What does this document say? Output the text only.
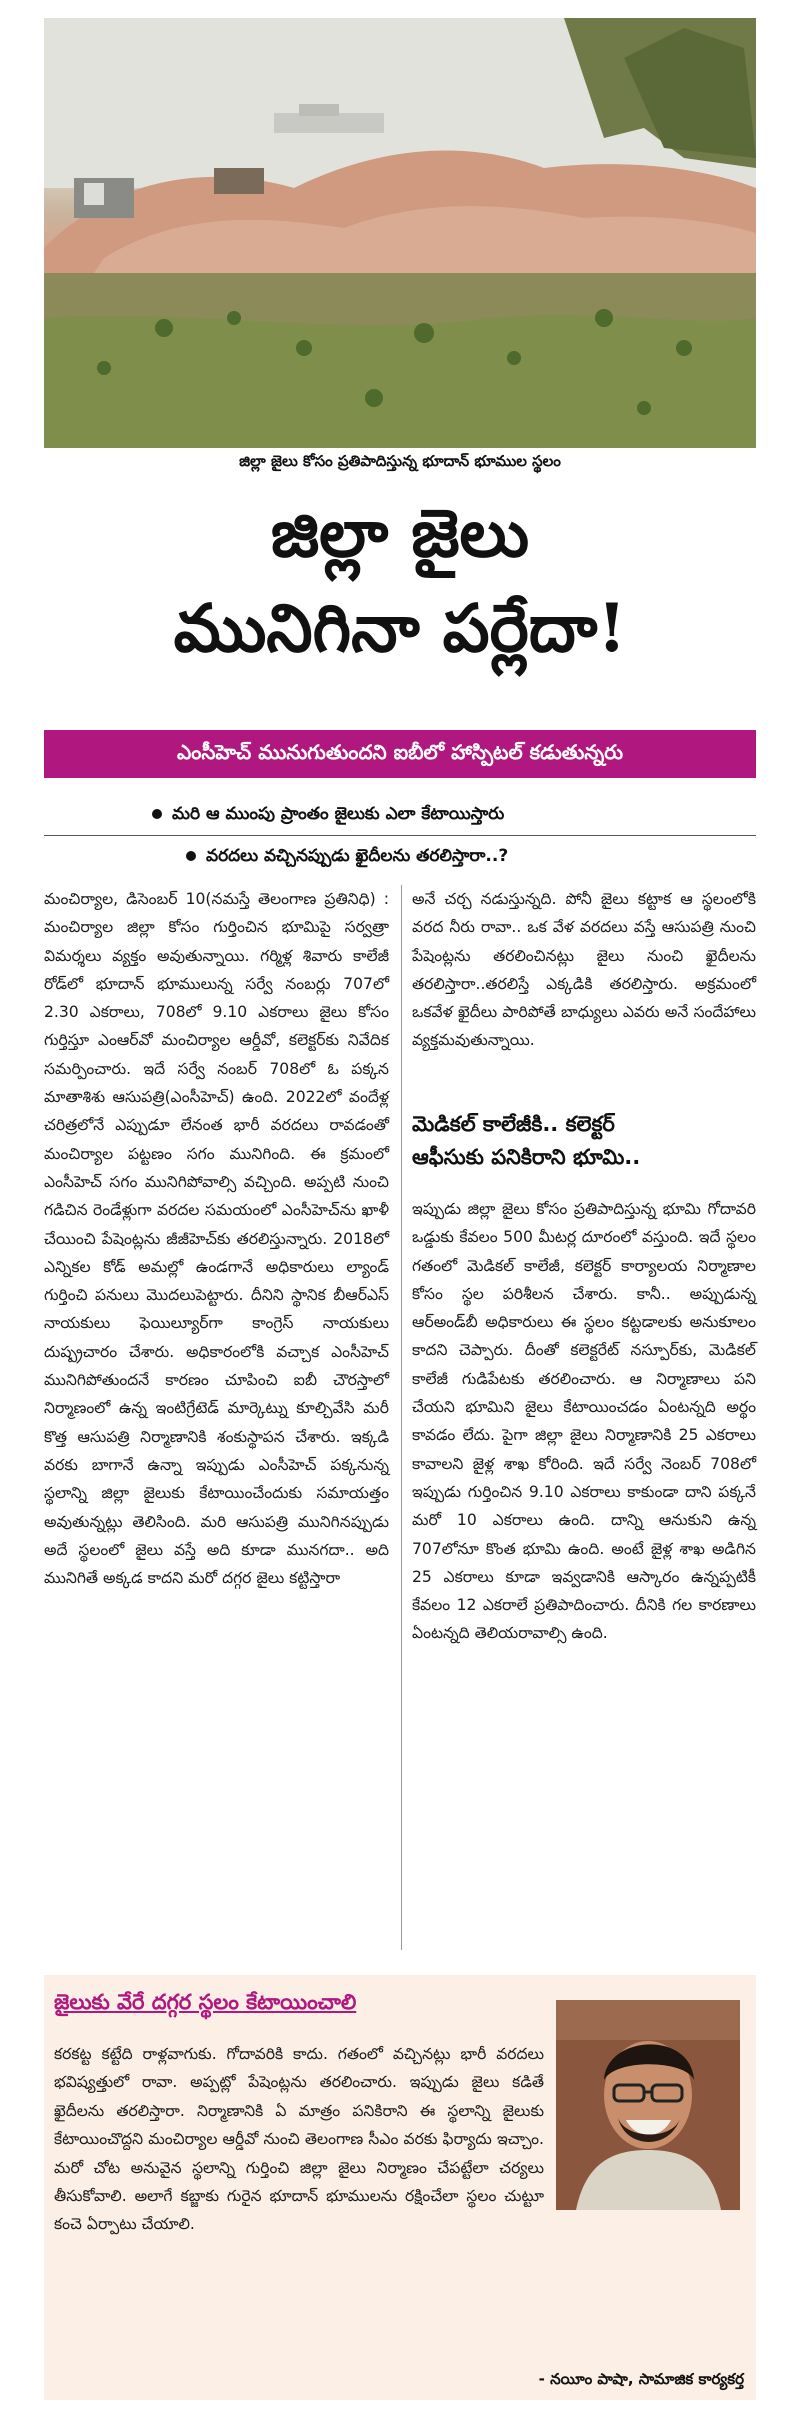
జిల్లా జైలు కోసం ప్రతిపాదిస్తున్న భూదాన్ భూముల స్థలం
జిల్లా జైలు
మునిగినా పర్లేదా!
ఎంసీహెచ్ మునుగుతుందని ఐబీలో హాస్పిటల్ కడుతున్నరు
మరి ఆ ముంపు ప్రాంతం జైలుకు ఎలా కేటాయిస్తారు
వరదలు వచ్చినప్పుడు ఖైదీలను తరలిస్తారా..?

మంచిర్యాల, డిసెంబర్ 10(నమస్తే తెలంగాణ ప్రతినిధి) : మంచిర్యాల జిల్లా కోసం గుర్తించిన భూమిపై సర్వత్రా విమర్శలు వ్యక్తం అవుతున్నాయి. గర్మిళ్ల శివారు కాలేజీ రోడ్‌లో భూదాన్ భూములున్న సర్వే నంబర్లు 707లో 2.30 ఎకరాలు, 708లో 9.10 ఎకరాలు జైలు కోసం గుర్తిస్తూ ఎంఆర్‌వో మంచిర్యాల ఆర్డీవో, కలెక్టర్‌కు నివేదిక సమర్పించారు. ఇదే సర్వే నంబర్ 708లో ఓ పక్కన మాతాశిశు ఆసుపత్రి(ఎంసీహెచ్) ఉంది. 2022లో వందేళ్ల చరిత్రలోనే ఎప్పుడూ లేనంత భారీ వరదలు రావడంతో మంచిర్యాల పట్టణం సగం మునిగింది. ఈ క్రమంలో ఎంసీహెచ్ సగం మునిగిపోవాల్సి వచ్చింది. అప్పటి నుంచి గడిచిన రెండేళ్లుగా వరదల సమయంలో ఎంసీహెచ్‌ను ఖాళీ చేయించి పేషెంట్లను జీజీహెచ్‌కు తరలిస్తున్నారు. 2018లో ఎన్నికల కోడ్ అమల్లో ఉండగానే అధికారులు ల్యాండ్ గుర్తించి పనులు మొదలుపెట్టారు. దీనిని స్థానిక బీఆర్ఎస్ నాయకులు ఫెయిల్యూర్‌గా కాంగ్రెస్ నాయకులు దుష్ప్రచారం చేశారు. అధికారంలోకి వచ్చాక ఎంసీహెచ్ మునిగిపోతుందనే కారణం చూపించి ఐబీ చౌరస్తాలో నిర్మాణంలో ఉన్న ఇంటిగ్రేటెడ్ మార్కెట్ను కూల్చివేసి మరీ కొత్త ఆసుపత్రి నిర్మాణానికి శంకుస్థాపన చేశారు. ఇక్కడి వరకు బాగానే ఉన్నా ఇప్పుడు ఎంసీహెచ్ పక్కనున్న స్థలాన్ని జిల్లా జైలుకు కేటాయించేందుకు సమాయత్తం అవుతున్నట్లు తెలిసింది. మరి ఆసుపత్రి మునిగినప్పుడు అదే స్థలంలో జైలు వస్తే అది కూడా మునగదా.. అది మునిగితే అక్కడ కాదని మరో దగ్గర జైలు కట్టిస్తారా

అనే చర్చ నడుస్తున్నది. పోనీ జైలు కట్టాక ఆ స్థలంలోకి వరద నీరు రావా.. ఒక వేళ వరదలు వస్తే ఆసుపత్రి నుంచి పేషెంట్లను తరలించినట్లు జైలు నుంచి ఖైదీలను తరలిస్తారా..తరలిస్తే ఎక్కడికి తరలిస్తారు. అక్రమంలో ఒకవేళ ఖైదీలు పారిపోతే బాధ్యులు ఎవరు అనే సందేహాలు వ్యక్తమవుతున్నాయి.

మెడికల్ కాలేజీకి.. కలెక్టర్
ఆఫీసుకు పనికిరాని భూమి..

ఇప్పుడు జిల్లా జైలు కోసం ప్రతిపాదిస్తున్న భూమి గోదావరి ఒడ్డుకు కేవలం 500 మీటర్ల దూరంలో వస్తుంది. ఇదే స్థలం గతంలో మెడికల్ కాలేజీ, కలెక్టర్ కార్యాలయ నిర్మాణాల కోసం స్థల పరిశీలన చేశారు. కానీ.. అప్పుడున్న ఆర్‌అండ్‌బీ అధికారులు ఈ స్థలం కట్టడాలకు అనుకూలం కాదని చెప్పారు. దీంతో కలెక్టరేట్ నస్పూర్‌కు, మెడికల్ కాలేజీ గుడిపేటకు తరలించారు. ఆ నిర్మాణాలు పని చేయని భూమిని జైలు కేటాయించడం ఏంటన్నది అర్థం కావడం లేదు. పైగా జిల్లా జైలు నిర్మాణానికి 25 ఎకరాలు కావాలని జైళ్ల శాఖ కోరింది. ఇదే సర్వే నెంబర్ 708లో ఇప్పుడు గుర్తించిన 9.10 ఎకరాలు కాకుండా దాని పక్కనే మరో 10 ఎకరాలు ఉంది. దాన్ని ఆనుకుని ఉన్న 707లోనూ కొంత భూమి ఉంది. అంటే జైళ్ల శాఖ అడిగిన 25 ఎకరాలు కూడా ఇవ్వడానికి ఆస్కారం ఉన్నప్పటికీ కేవలం 12 ఎకరాలే ప్రతిపాదించారు. దీనికి గల కారణాలు ఏంటన్నది తెలియరావాల్సి ఉంది.

జైలుకు వేరే దగ్గర స్థలం కేటాయించాలి
కరకట్ట కట్టేది రాళ్లవాగుకు. గోదావరికి కాదు. గతంలో వచ్చినట్లు భారీ వరదలు భవిష్యత్తులో రావా. అప్పట్లో పేషెంట్లను తరలించారు. ఇప్పుడు జైలు కడితే ఖైదీలను తరలిస్తారా. నిర్మాణానికి ఏ మాత్రం పనికిరాని ఈ స్థలాన్ని జైలుకు కేటాయించొద్దని మంచిర్యాల ఆర్డీవో నుంచి తెలంగాణ సీఎం వరకు ఫిర్యాదు ఇచ్చాం. మరో చోట అనువైన స్థలాన్ని గుర్తించి జిల్లా జైలు నిర్మాణం చేపట్టేలా చర్యలు తీసుకోవాలి. అలాగే కబ్జాకు గురైన భూదాన్ భూములను రక్షించేలా స్థలం చుట్టూ కంచె ఏర్పాటు చేయాలి.
- నయీం పాషా, సామాజిక కార్యకర్త
